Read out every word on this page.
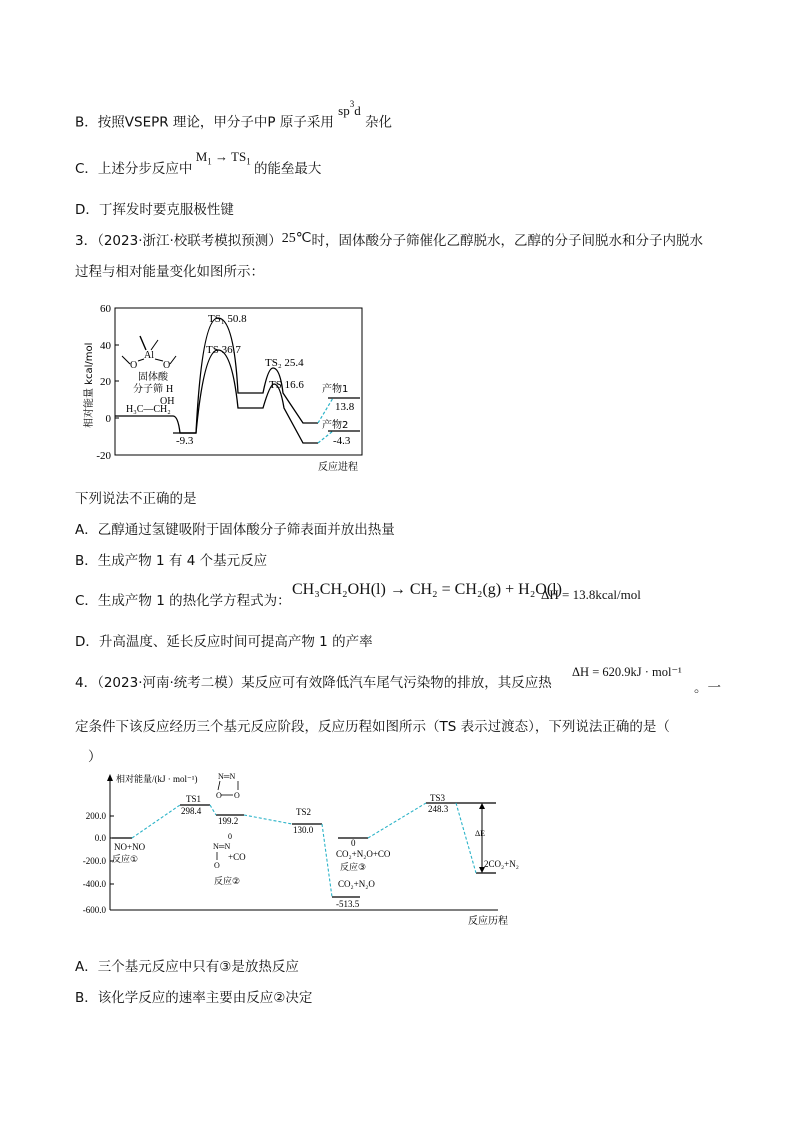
B．按照VSEPR 理论，甲分子中P 原子采用 $sp^3d$ 杂化
C．上述分步反应中 $M_1 \to TS_1$ 的能垒最大
D．丁挥发时要克服极性键
3．（2023·浙江·校联考模拟预测）25℃时，固体酸分子筛催化乙醇脱水，乙醇的分子间脱水和分子内脱水
过程与相对能量变化如图所示：
60
40
20
0
-20
相对能量 kcal/mol
反应进程
TS₁ 50.8
TS 36.7
TS₂ 25.4
TS 16.6
-9.3
产物1
13.8
产物2
-4.3
Al
O	O
固体酸
分子筛 H
OH
H₃C—CH₂
下列说法不正确的是
A．乙醇通过氢键吸附于固体酸分子筛表面并放出热量
B．生成产物 1 有 4 个基元反应
C．生成产物 1 的热化学方程式为：
CH₃CH₂OH(l) → CH₂ = CH₂(g) + H₂O(l)
ΔH = 13.8kcal/mol
D．升高温度、延长反应时间可提高产物 1 的产率
4．（2023·河南·统考二模）某反应可有效降低汽车尾气污染物的排放，其反应热
ΔH = 620.9kJ · mol⁻¹
。一
定条件下该反应经历三个基元反应阶段，反应历程如图所示（TS 表示过渡态），下列说法正确的是（
）
相对能量/(kJ · mol⁻¹)
反应历程
200.0
0.0
-200.0
-400.0
-600.0
ΔE
TS1
298.4
199.2
TS2
130.0
TS3
248.3
NO+NO
反应①	+CO
反应②
0
CO₂+N₂O+CO
反应③
CO₂+N₂O
-513.5
2CO₂+N₂
N═N
O O
0
N═N
O
A．三个基元反应中只有③是放热反应
B．该化学反应的速率主要由反应②决定
